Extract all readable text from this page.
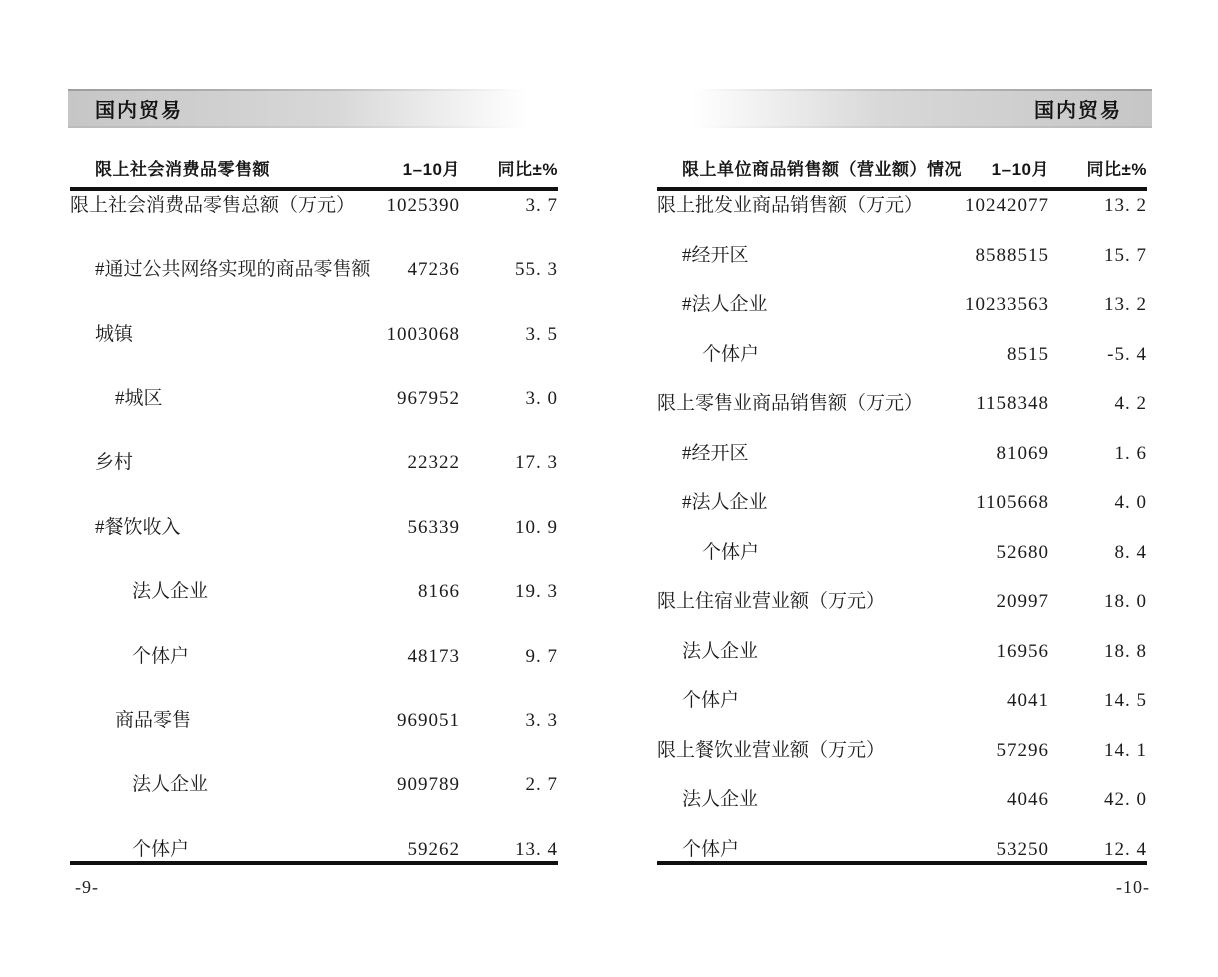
国内贸易
限上社会消费品零售额	1–10月 同比±%
限上社会消费品零售总额（万元） 1025390	3. 7
#通过公共网络实现的商品零售额 47236	55. 3
城镇	1003068	3. 5
#城区	967952	3. 0
乡村	22322	17. 3
#餐饮收入	56339	10. 9
法人企业	8166	19. 3
个体户	48173	9. 7
商品零售	969051	3. 3
法人企业	909789	2. 7
个体户	59262	13. 4
-9-
国内贸易
限上单位商品销售额（营业额）情况 1–10月 同比±%
限上批发业商品销售额（万元） 10242077	13. 2
#经开区	8588515	15. 7
#法人企业	10233563	13. 2
个体户	8515	-5. 4
限上零售业商品销售额（万元）	1158348	4. 2
#经开区	81069	1. 6
#法人企业	1105668	4. 0
个体户	52680	8. 4
限上住宿业营业额（万元）	20997	18. 0
法人企业	16956	18. 8
个体户	4041	14. 5
限上餐饮业营业额（万元）	57296	14. 1
法人企业	4046	42. 0
个体户	53250	12. 4
-10-
